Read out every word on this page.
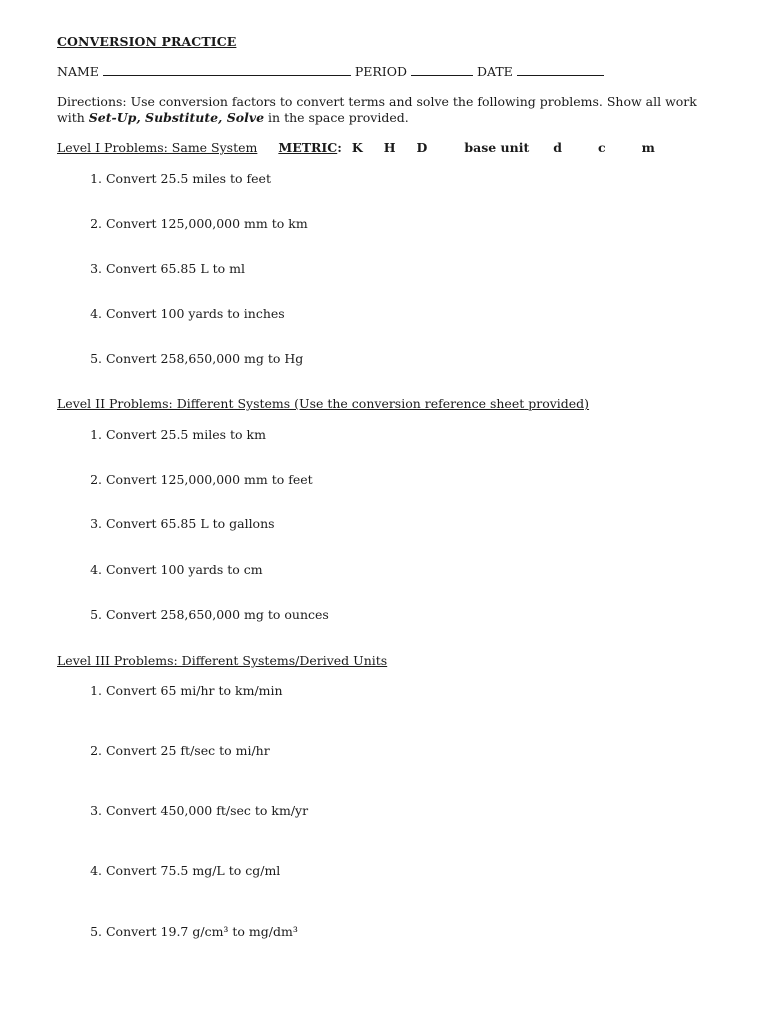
CONVERSION PRACTICE
NAME	PERIOD	DATE
Directions: Use conversion factors to convert terms and solve the following problems. Show all work with Set-Up, Substitute, Solve in the space provided.
Level I Problems: Same System METRIC : K H D	base unit d	c	m
1. Convert 25.5 miles to feet
2. Convert 125,000,000 mm to km
3. Convert 65.85 L to ml
4. Convert 100 yards to inches
5. Convert 258,650,000 mg to Hg
Level II Problems: Different Systems (Use the conversion reference sheet provided)
1. Convert 25.5 miles to km
2. Convert 125,000,000 mm to feet
3. Convert 65.85 L to gallons
4. Convert 100 yards to cm
5. Convert 258,650,000 mg to ounces
Level III Problems: Different Systems/Derived Units
1. Convert 65 mi/hr to km/min
2. Convert 25 ft/sec to mi/hr
3. Convert 450,000 ft/sec to km/yr
4. Convert 75.5 mg/L to cg/ml
5. Convert 19.7 g/cm³ to mg/dm³
